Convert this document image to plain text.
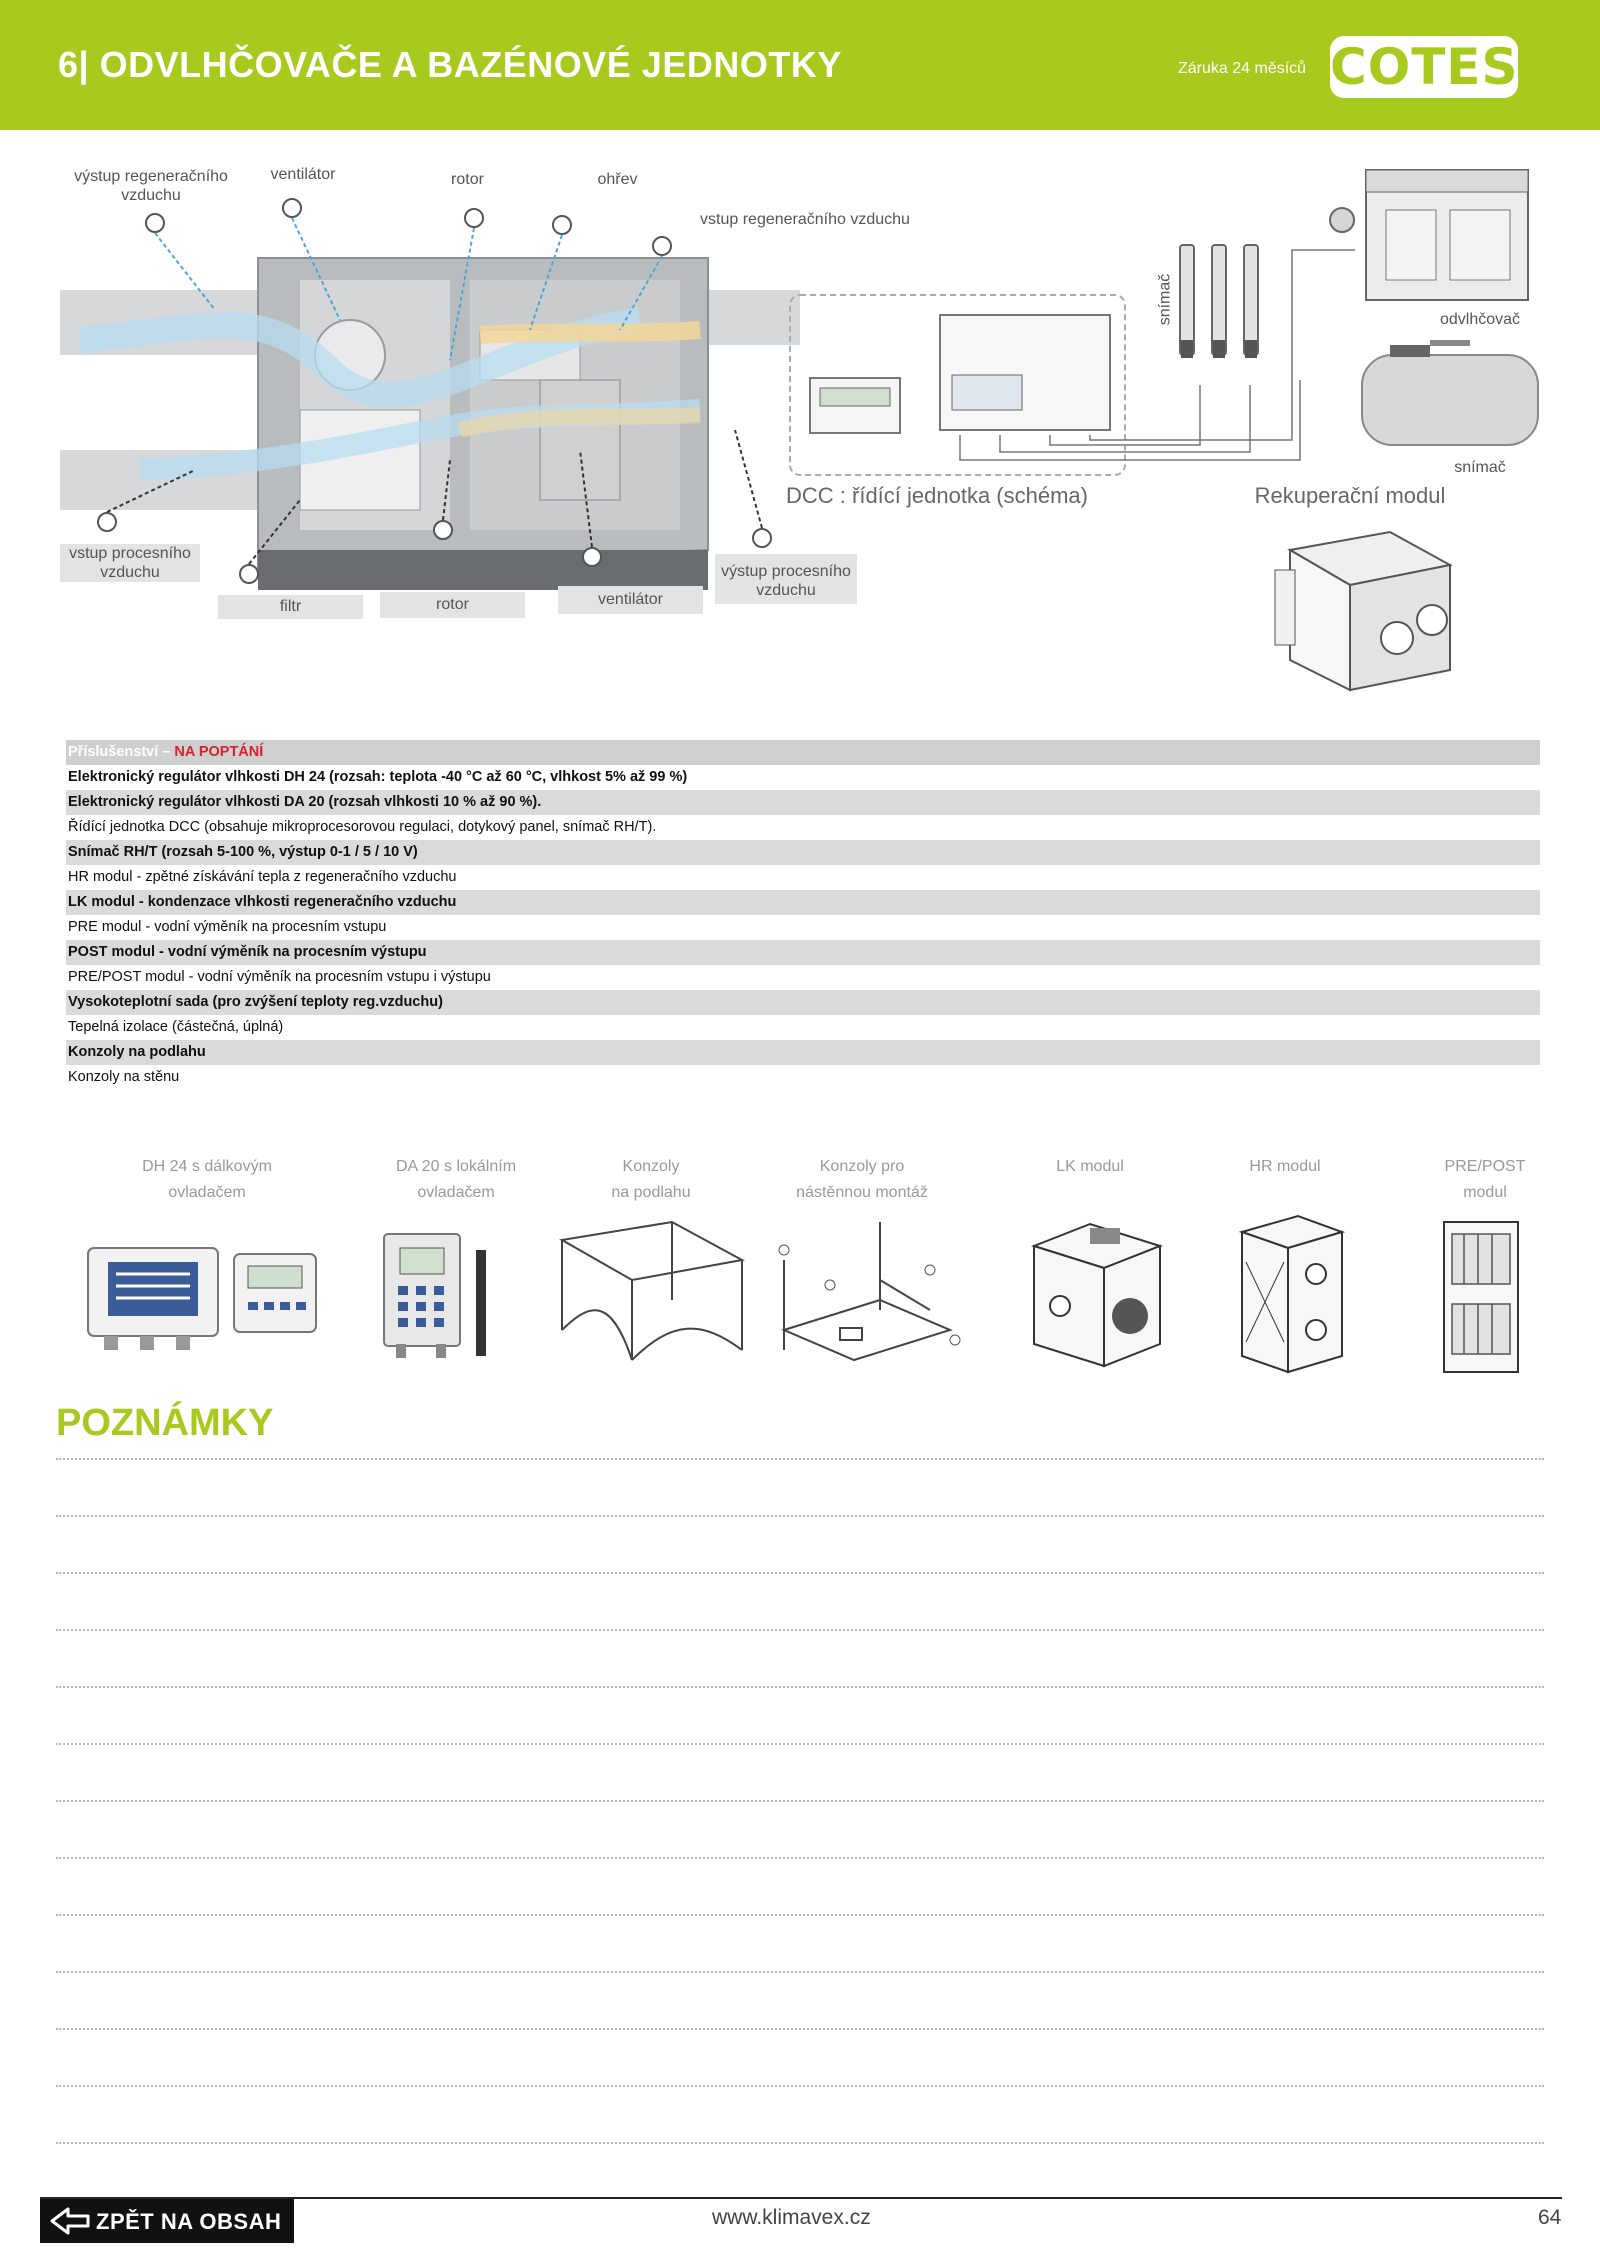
6| ODVLHČOVAČE A BAZÉNOVÉ JEDNOTKY	Záruka 24 měsíců COTES
výstup regeneračního vzduchu
ventilátor	rotor	ohřev
vstup regeneračního vzduchu
vstup procesního vzduchu
filtr	rotor	ventilátor
výstup procesního vzduchu
odvlhčovač
snímač
snímač
DCC : řídící jednotka (schéma)	Rekuperační modul
Příslušenství – NA POPTÁNÍ
Elektronický regulátor vlhkosti DH 24 (rozsah: teplota -40 °C až 60 °C, vlhkost 5% až 99 %)
Elektronický regulátor vlhkosti DA 20 (rozsah vlhkosti 10 % až 90 %).
Řídící jednotka DCC (obsahuje mikroprocesorovou regulaci, dotykový panel, snímač RH/T).
Snímač RH/T (rozsah 5-100 %, výstup 0-1 / 5 / 10 V)
HR modul - zpětné získávání tepla z regeneračního vzduchu
LK modul - kondenzace vlhkosti regeneračního vzduchu
PRE modul - vodní výměník na procesním vstupu
POST modul - vodní výměník na procesním výstupu
PRE/POST modul - vodní výměník na procesním vstupu i výstupu
Vysokoteplotní sada (pro zvýšení teploty reg.vzduchu)
Tepelná izolace (částečná, úplná)
Konzoly na podlahu
Konzoly na stěnu
DH 24 s dálkovým
ovladačem
DA 20 s lokálním
ovladačem
Konzoly
na podlahu
Konzoly pro
nástěnnou montáž
LK modul	HR modul	PRE/POST
modul
POZNÁMKY
ZPĚT NA OBSAH	www.klimavex.cz	64
